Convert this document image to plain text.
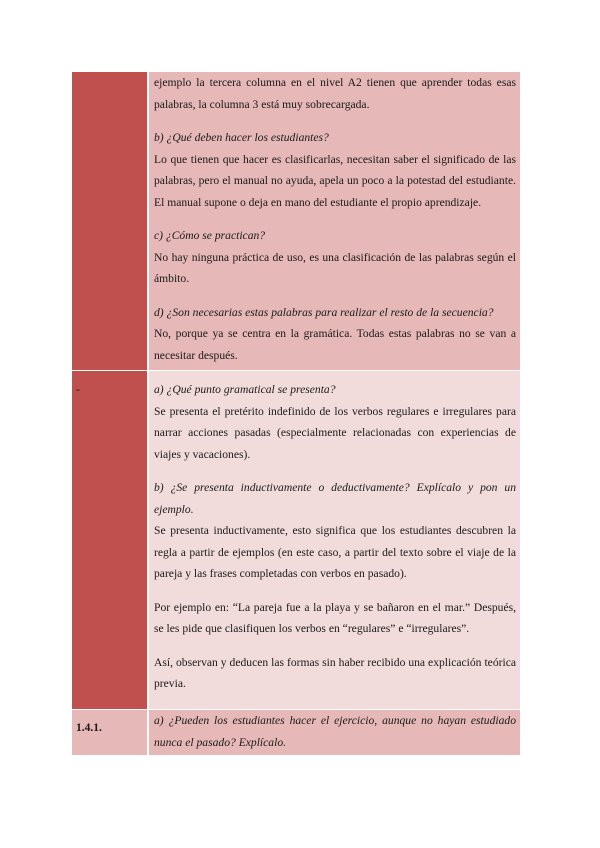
ejemplo la tercera columna en el nivel A2 tienen que aprender todas esas palabras, la columna 3 está muy sobrecargada.

b) ¿Qué deben hacer los estudiantes?

Lo que tienen que hacer es clasificarlas, necesitan saber el significado de las palabras, pero el manual no ayuda, apela un poco a la potestad del estudiante. El manual supone o deja en mano del estudiante el propio aprendizaje.

c) ¿Cómo se practican?

No hay ninguna práctica de uso, es una clasificación de las palabras según el ámbito.

d) ¿Son necesarias estas palabras para realizar el resto de la secuencia?

No, porque ya se centra en la gramática. Todas estas palabras no se van a necesitar después.

-	a) ¿Qué punto gramatical se presenta?

Se presenta el pretérito indefinido de los verbos regulares e irregulares para narrar acciones pasadas (especialmente relacionadas con experiencias de viajes y vacaciones).

b) ¿Se presenta inductivamente o deductivamente? Explícalo y pon un ejemplo.

Se presenta inductivamente, esto significa que los estudiantes descubren la regla a partir de ejemplos (en este caso, a partir del texto sobre el viaje de la pareja y las frases completadas con verbos en pasado).

Por ejemplo en: “La pareja fue a la playa y se bañaron en el mar.” Después, se les pide que clasifiquen los verbos en “regulares” e “irregulares”.

Así, observan y deducen las formas sin haber recibido una explicación teórica previa.

1.4.1.

a) ¿Pueden los estudiantes hacer el ejercicio, aunque no hayan estudiado nunca el pasado? Explícalo.
